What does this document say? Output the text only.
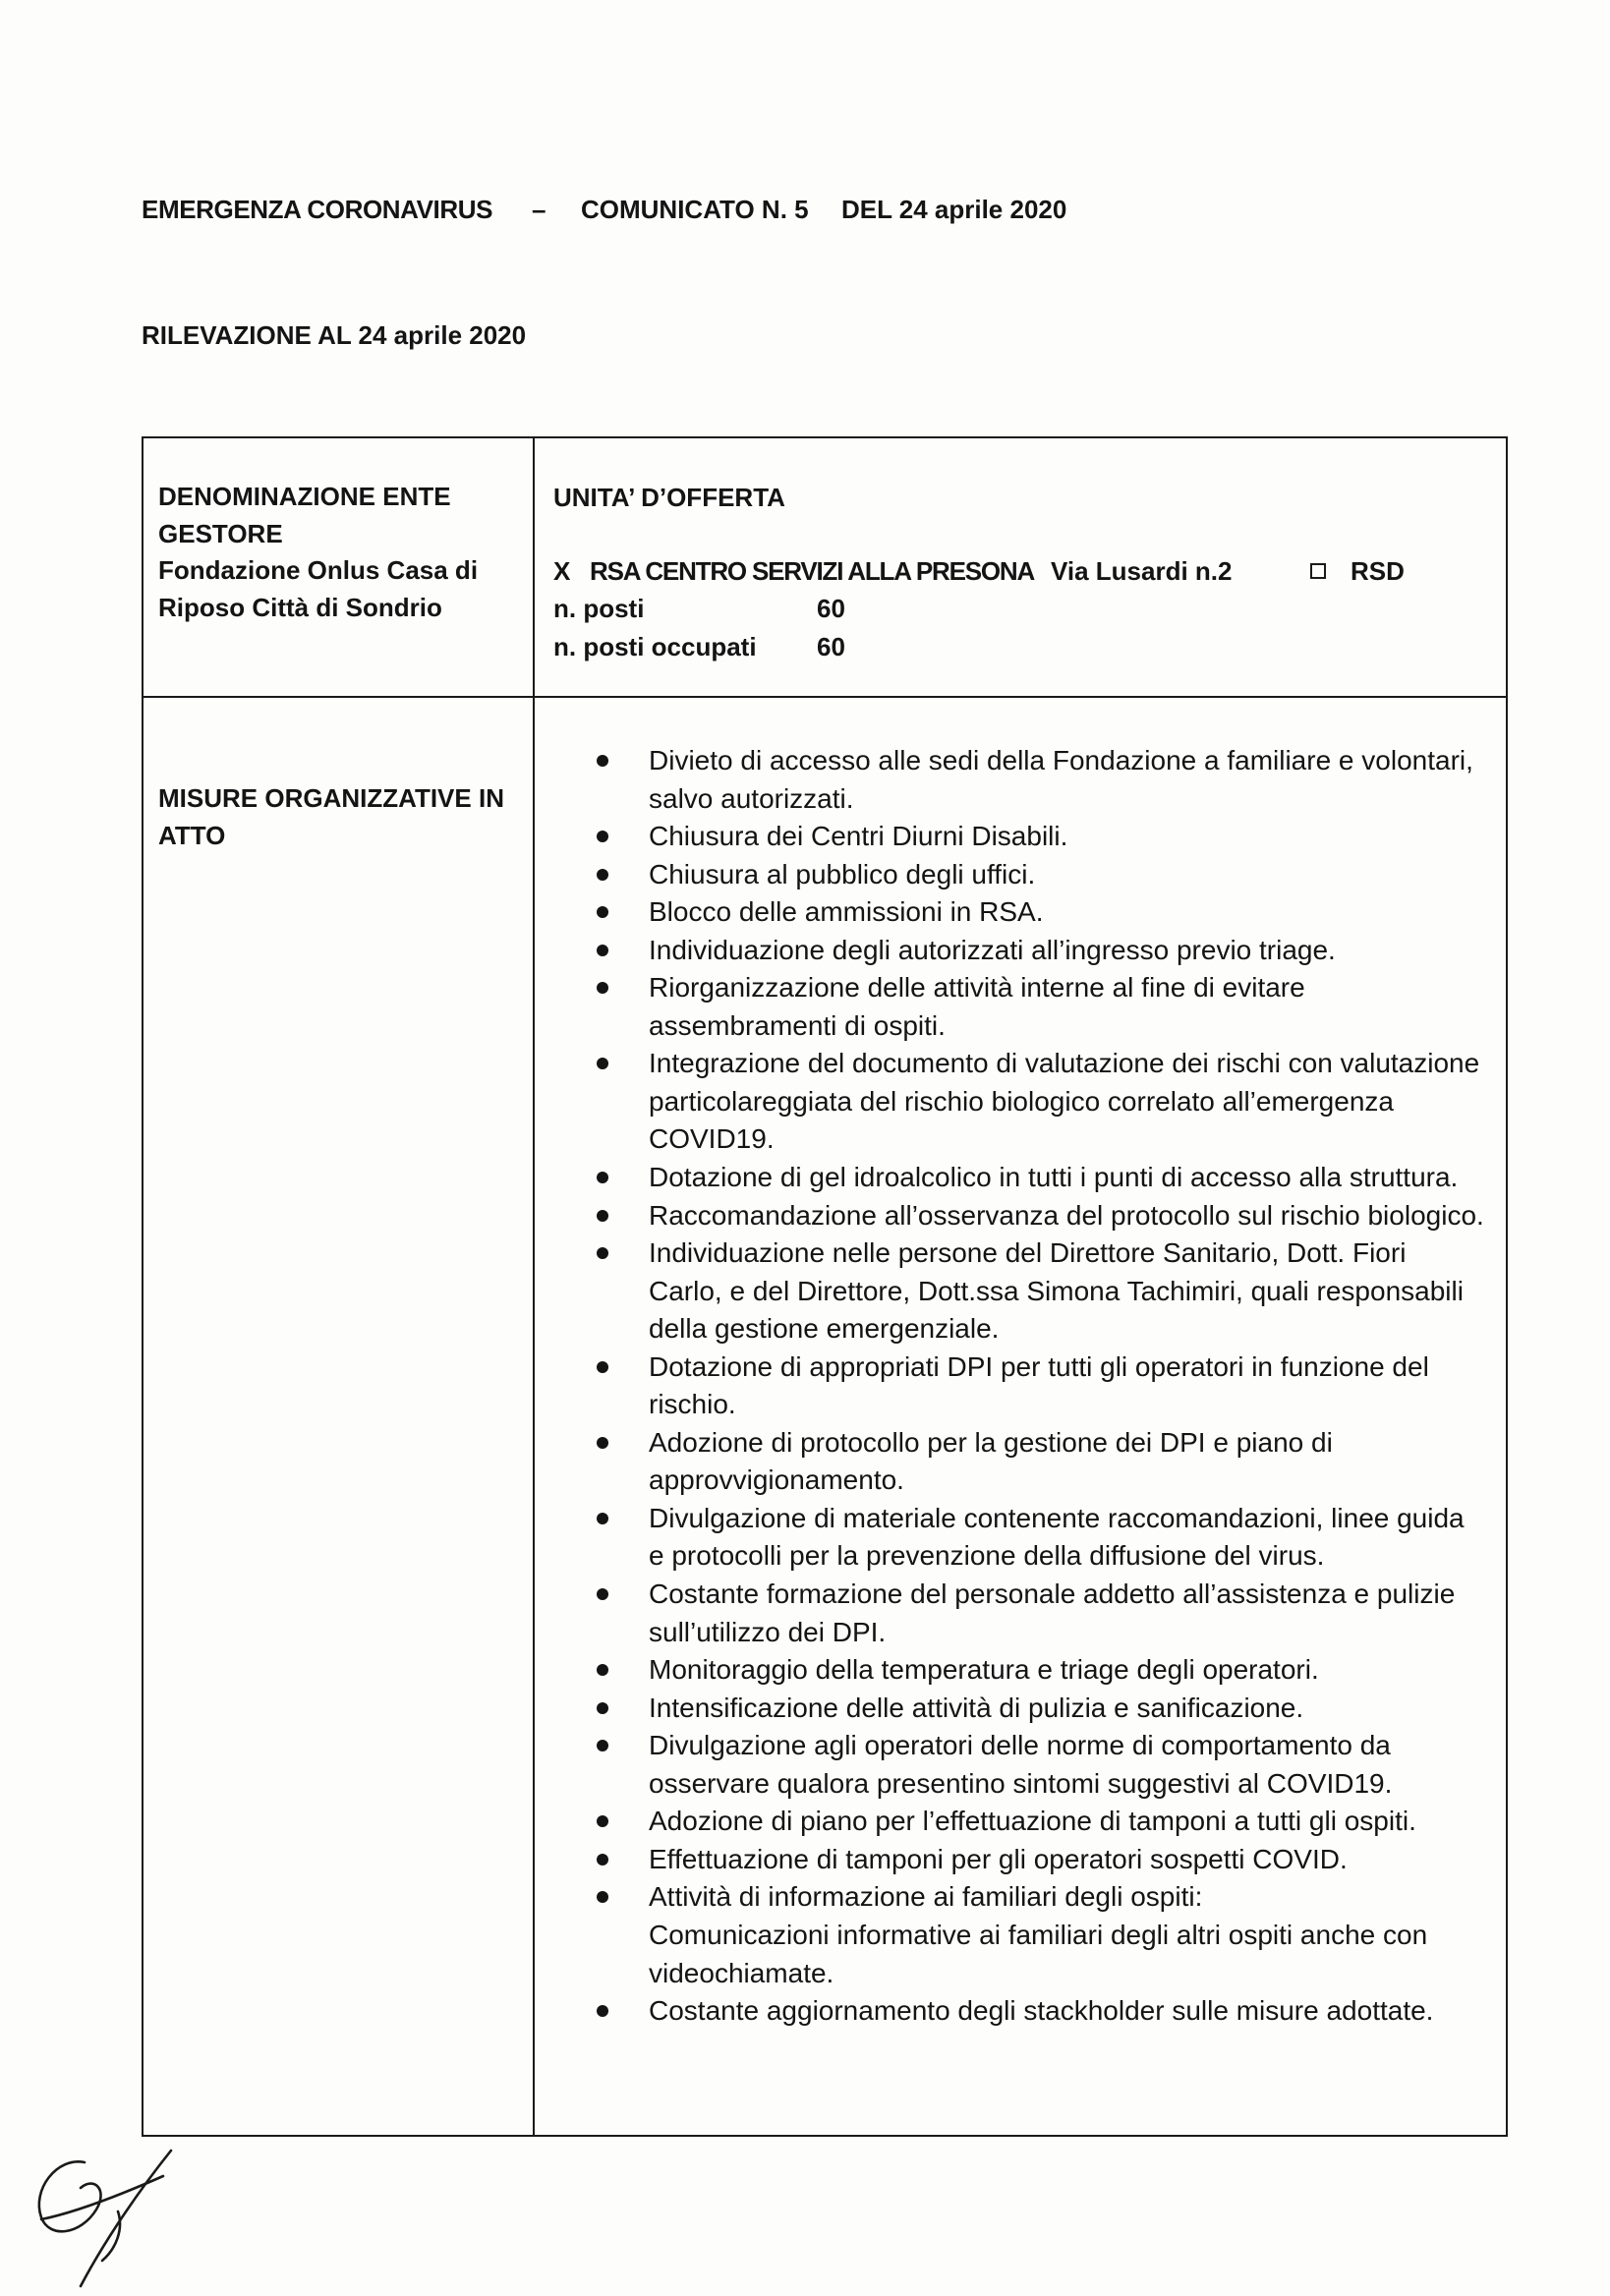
EMERGENZA CORONAVIRUS – COMUNICATO N. 5 DEL 24 aprile 2020
RILEVAZIONE AL 24 aprile 2020
DENOMINAZIONE ENTE
GESTORE
Fondazione Onlus Casa di
Riposo Città di Sondrio
UNITA’ D’OFFERTA
X RSA CENTRO SERVIZI ALLA PRESONA Via Lusardi n.2	RSD
n. posti	60
n. posti occupati 60
MISURE ORGANIZZATIVE IN
ATTO
Divieto di accesso alle sedi della Fondazione a familiare e volontari,
salvo autorizzati.
Chiusura dei Centri Diurni Disabili.
Chiusura al pubblico degli uffici.
Blocco delle ammissioni in RSA.
Individuazione degli autorizzati all’ingresso previo triage.
Riorganizzazione delle attività interne al fine di evitare
assembramenti di ospiti.
Integrazione del documento di valutazione dei rischi con valutazione
particolareggiata del rischio biologico correlato all’emergenza
COVID19.
Dotazione di gel idroalcolico in tutti i punti di accesso alla struttura.
Raccomandazione all’osservanza del protocollo sul rischio biologico.
Individuazione nelle persone del Direttore Sanitario, Dott. Fiori
Carlo, e del Direttore, Dott.ssa Simona Tachimiri, quali responsabili
della gestione emergenziale.
Dotazione di appropriati DPI per tutti gli operatori in funzione del
rischio.
Adozione di protocollo per la gestione dei DPI e piano di
approvvigionamento.
Divulgazione di materiale contenente raccomandazioni, linee guida
e protocolli per la prevenzione della diffusione del virus.
Costante formazione del personale addetto all’assistenza e pulizie
sull’utilizzo dei DPI.
Monitoraggio della temperatura e triage degli operatori.
Intensificazione delle attività di pulizia e sanificazione.
Divulgazione agli operatori delle norme di comportamento da
osservare qualora presentino sintomi suggestivi al COVID19.
Adozione di piano per l’effettuazione di tamponi a tutti gli ospiti.
Effettuazione di tamponi per gli operatori sospetti COVID.
Attività di informazione ai familiari degli ospiti:
Comunicazioni informative ai familiari degli altri ospiti anche con
videochiamate.
Costante aggiornamento degli stackholder sulle misure adottate.
